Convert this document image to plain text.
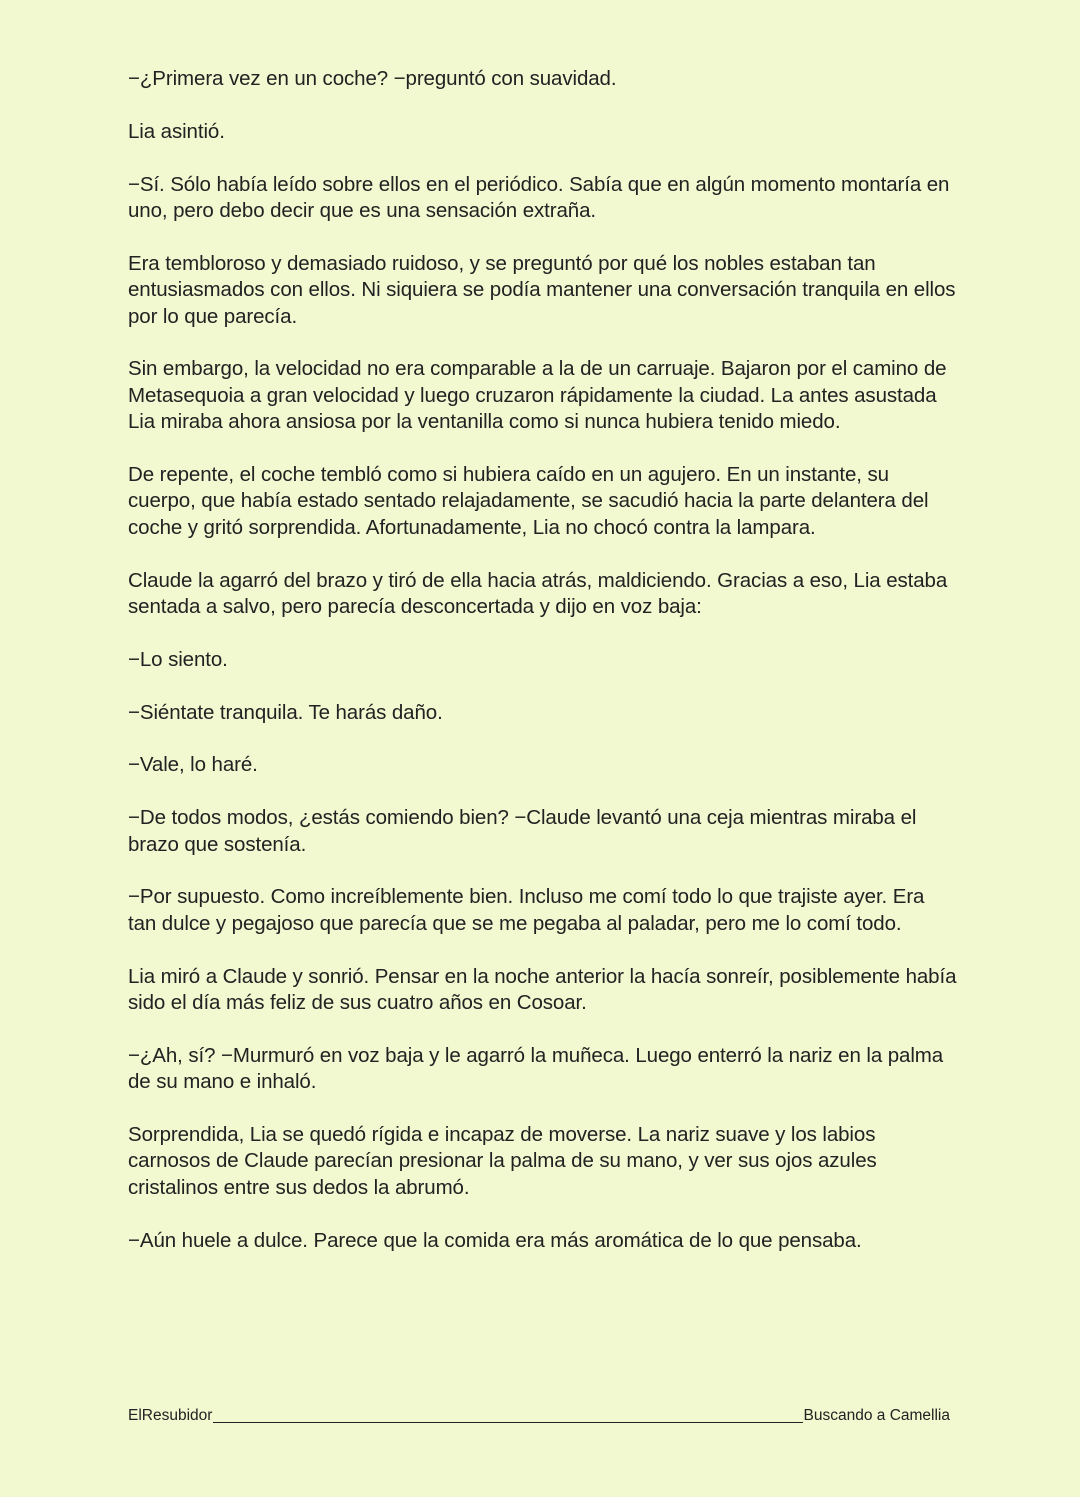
−¿Primera vez en un coche? −preguntó con suavidad.

Lia asintió.

−Sí. Sólo había leído sobre ellos en el periódico. Sabía que en algún momento montaría en uno, pero debo decir que es una sensación extraña.

Era tembloroso y demasiado ruidoso, y se preguntó por qué los nobles estaban tan entusiasmados con ellos. Ni siquiera se podía mantener una conversación tranquila en ellos por lo que parecía.

Sin embargo, la velocidad no era comparable a la de un carruaje. Bajaron por el camino de Metasequoia a gran velocidad y luego cruzaron rápidamente la ciudad. La antes asustada Lia miraba ahora ansiosa por la ventanilla como si nunca hubiera tenido miedo.

De repente, el coche tembló como si hubiera caído en un agujero. En un instante, su cuerpo, que había estado sentado relajadamente, se sacudió hacia la parte delantera del coche y gritó sorprendida. Afortunadamente, Lia no chocó contra la lampara.

Claude la agarró del brazo y tiró de ella hacia atrás, maldiciendo. Gracias a eso, Lia estaba sentada a salvo, pero parecía desconcertada y dijo en voz baja:

−Lo siento.

−Siéntate tranquila. Te harás daño.

−Vale, lo haré.

−De todos modos, ¿estás comiendo bien? −Claude levantó una ceja mientras miraba el brazo que sostenía.

−Por supuesto. Como increíblemente bien. Incluso me comí todo lo que trajiste ayer. Era tan dulce y pegajoso que parecía que se me pegaba al paladar, pero me lo comí todo.

Lia miró a Claude y sonrió. Pensar en la noche anterior la hacía sonreír, posiblemente había sido el día más feliz de sus cuatro años en Cosoar.

−¿Ah, sí? −Murmuró en voz baja y le agarró la muñeca. Luego enterró la nariz en la palma de su mano e inhaló.

Sorprendida, Lia se quedó rígida e incapaz de moverse. La nariz suave y los labios carnosos de Claude parecían presionar la palma de su mano, y ver sus ojos azules cristalinos entre sus dedos la abrumó.

−Aún huele a dulce. Parece que la comida era más aromática de lo que pensaba.

ElResubidor	Buscando a Camellia
